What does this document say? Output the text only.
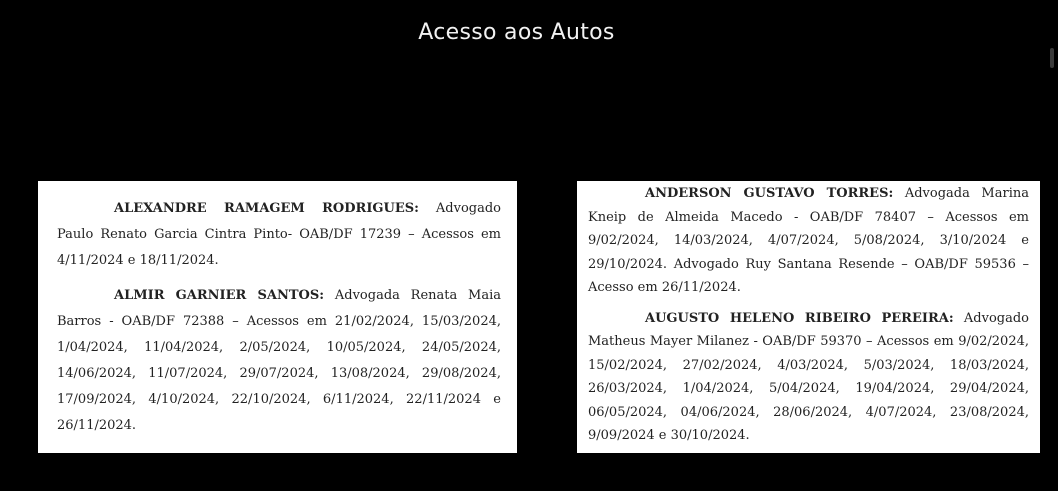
Acesso aos Autos

ALEXANDRE RAMAGEM RODRIGUES: Advogado Paulo Renato Garcia Cintra Pinto- OAB/DF 17239 – Acessos em 4/11/2024 e 18/11/2024.

ALMIR GARNIER SANTOS: Advogada Renata Maia Barros - OAB/DF 72388 – Acessos em 21/02/2024, 15/03/2024, 1/04/2024, 11/04/2024, 2/05/2024, 10/05/2024, 24/05/2024, 14/06/2024, 11/07/2024, 29/07/2024, 13/08/2024, 29/08/2024, 17/09/2024, 4/10/2024, 22/10/2024, 6/11/2024, 22/11/2024 e 26/11/2024.

ANDERSON GUSTAVO TORRES: Advogada Marina Kneip de Almeida Macedo - OAB/DF 78407 – Acessos em 9/02/2024, 14/03/2024, 4/07/2024, 5/08/2024, 3/10/2024 e 29/10/2024. Advogado Ruy Santana Resende – OAB/DF 59536 – Acesso em 26/11/2024.

AUGUSTO HELENO RIBEIRO PEREIRA: Advogado Matheus Mayer Milanez - OAB/DF 59370 – Acessos em 9/02/2024, 15/02/2024, 27/02/2024, 4/03/2024, 5/03/2024, 18/03/2024, 26/03/2024, 1/04/2024, 5/04/2024, 19/04/2024, 29/04/2024, 06/05/2024, 04/06/2024, 28/06/2024, 4/07/2024, 23/08/2024, 9/09/2024 e 30/10/2024.
